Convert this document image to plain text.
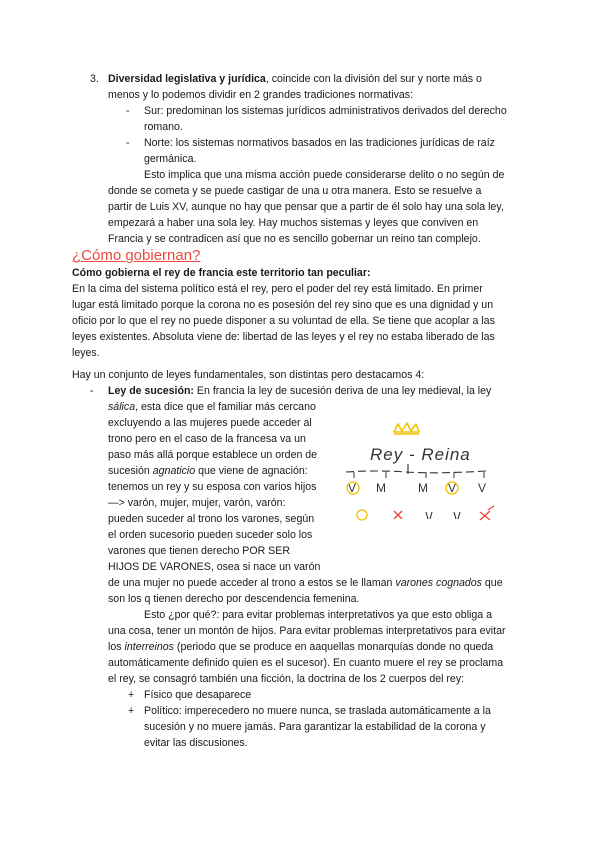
3. Diversidad legislativa y jurídica, coincide con la división del sur y norte más o
menos y lo podemos dividir en 2 grandes tradiciones normativas:
- Sur: predominan los sistemas jurídicos administrativos derivados del derecho
romano.
- Norte: los sistemas normativos basados en las tradiciones jurídicas de raíz
germánica.
Esto implica que una misma acción puede considerarse delito o no según de
donde se cometa y se puede castigar de una u otra manera. Esto se resuelve a
partir de Luis XV, aunque no hay que pensar que a partir de él solo hay una sola ley,
empezará a haber una sola ley. Hay muchos sistemas y leyes que conviven en
Francia y se contradicen así que no es sencillo gobernar un reino tan complejo.
¿Cómo gobiernan?
Cómo gobierna el rey de francia este territorio tan peculiar:
En la cima del sistema político está el rey, pero el poder del rey está limitado. En primer
lugar está limitado porque la corona no es posesión del rey sino que es una dignidad y un
oficio por lo que el rey no puede disponer a su voluntad de ella. Se tiene que acoplar a las
leyes existentes. Absoluta viene de: libertad de las leyes y el rey no estaba liberado de las
leyes.
Hay un conjunto de leyes fundamentales, son distintas pero destacamos 4:
- Ley de sucesión: En francia la ley de sucesión deriva de una ley medieval, la ley
sálica, esta dice que el familiar más cercano
excluyendo a las mujeres puede acceder al
trono pero en el caso de la francesa va un
paso más allá porque establece un orden de
sucesión agnaticio que viene de agnación:
tenemos un rey y su esposa con varios hijos
—> varón, mujer, mujer, varón, varón:
pueden suceder al trono los varones, según
el orden sucesorio pueden suceder solo los
varones que tienen derecho POR SER
HIJOS DE VARONES, osea si nace un varón
de una mujer no puede acceder al trono a estos se le llaman varones cognados que
son los q tienen derecho por descendencia femenina.
Rey - Reina
V M	M V V
Esto ¿por qué?: para evitar problemas interpretativos ya que esto obliga a
una cosa, tener un montón de hijos. Para evitar problemas interpretativos para evitar
los interreinos (periodo que se produce en aaquellas monarquías donde no queda
automáticamente definido quien es el sucesor). En cuanto muere el rey se proclama
el rey, se consagró también una ficción, la doctrina de los 2 cuerpos del rey:
+ Físico que desaparece
+ Político: imperecedero no muere nunca, se traslada automáticamente a la
sucesión y no muere jamás. Para garantizar la estabilidad de la corona y
evitar las discusiones.
